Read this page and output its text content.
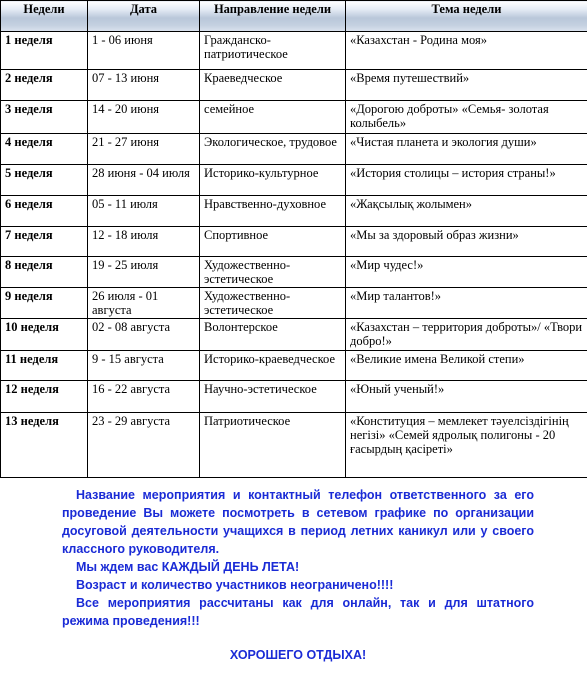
Недели	Дата	Направление недели	Тема недели
1 неделя	1 - 06 июня	Гражданско-патриотическое	«Казахстан - Родина моя»
2 неделя	07 - 13 июня	Краеведческое	«Время путешествий»
3 неделя	14 - 20 июня	семейное	«Дорогою доброты» «Семья- золотая колыбель»
4 неделя	21 - 27 июня	Экологическое, трудовое	«Чистая планета и экология души»
5 неделя	28 июня - 04 июля	Историко-культурное	«История столицы – история страны!»
6 неделя	05 - 11 июля	Нравственно-духовное	«Жақсылық жолымен»
7 неделя	12 - 18 июля	Спортивное	«Мы за здоровый образ жизни»
8 неделя	19 - 25 июля	Художественно-эстетическое	«Мир чудес!»
9 неделя	26 июля - 01 августа	Художественно-эстетическое	«Мир талантов!»
10 неделя	02 - 08 августа	Волонтерское	«Казахстан – территория доброты»/ «Твори добро!»
11 неделя	9 - 15 августа	Историко-краеведческое	«Великие имена Великой степи»
12 неделя	16 - 22 августа	Научно-эстетическое	«Юный ученый!»
13 неделя	23 - 29 августа	Патриотическое	«Конституция – мемлекет тәуелсіздігінің негізі» «Семей ядролық полигоны - 20 ғасырдың қасіреті»

Название мероприятия и контактный телефон ответственного за его проведение Вы можете посмотреть в сетевом графике по организации досуговой деятельности учащихся в период летних каникул или у своего классного руководителя.

Мы ждем вас КАЖДЫЙ ДЕНЬ ЛЕТА!

Возраст и количество участников неограничено!!!!

Все мероприятия рассчитаны как для онлайн, так и для штатного режима проведения!!!

ХОРОШЕГО ОТДЫХА!
